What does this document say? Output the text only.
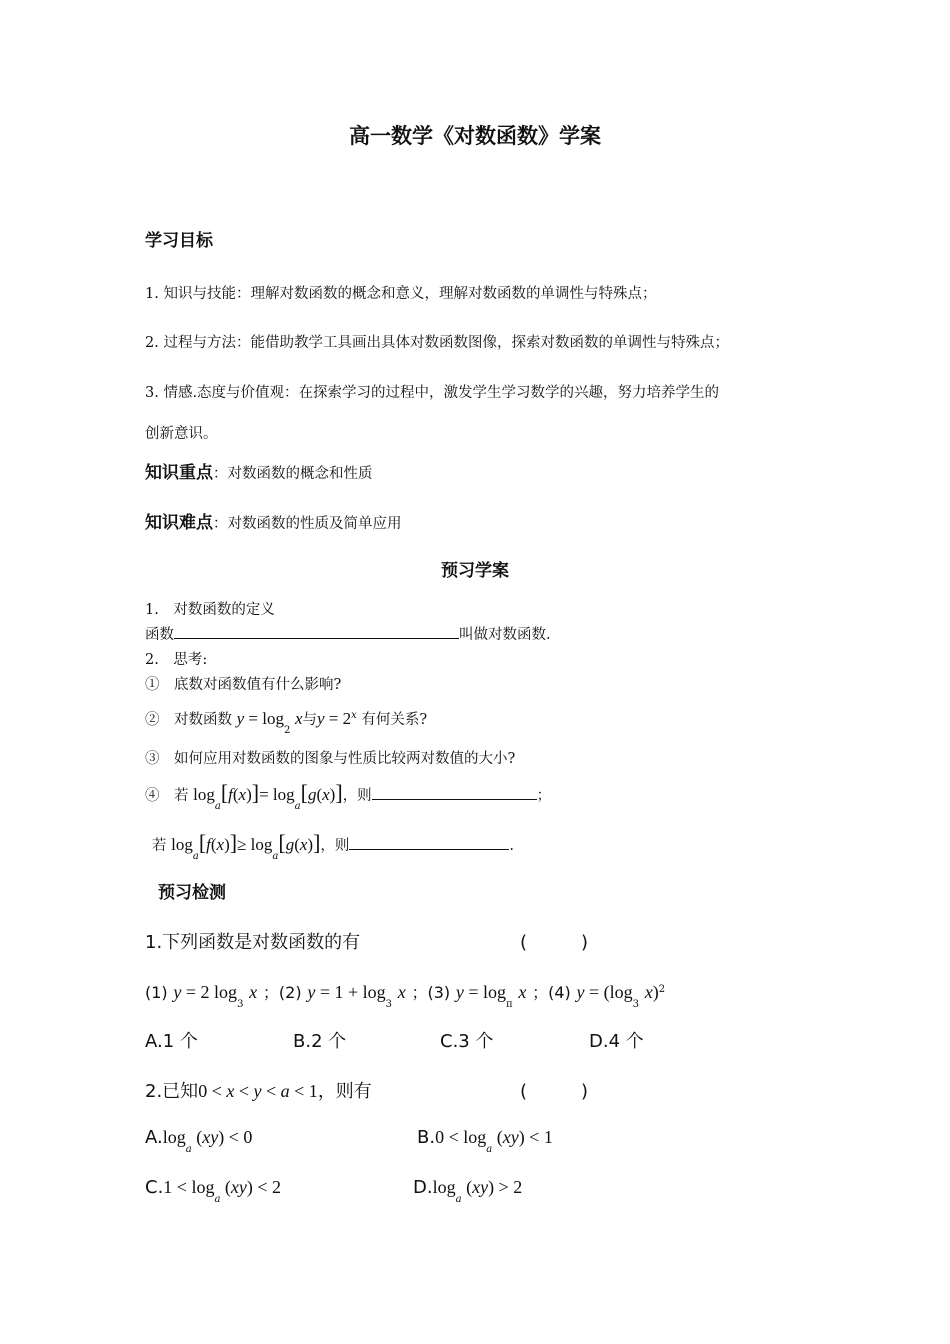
高一数学《对数函数》学案
学习目标
1. 知识与技能：理解对数函数的概念和意义，理解对数函数的单调性与特殊点；
2. 过程与方法：能借助教学工具画出具体对数函数图像，探索对数函数的单调性与特殊点；
3. 情感.态度与价值观：在探索学习的过程中，激发学生学习数学的兴趣，努力培养学生的
创新意识。
知识重点：对数函数的概念和性质
知识难点：对数函数的性质及简单应用
预习学案
1.　对数函数的定义
函数	叫做对数函数.
2.　思考:
①　底数对函数值有什么影响?
②　对数函数 $y = \log_2 x$与$y = 2^x$ 有何关系?
③　如何应用对数函数的图象与性质比较两对数值的大小?
④　若 $\log_a[f(x)]= \log_a[g(x)]$，则	；
若 $\log_a[f(x)]\ge \log_a[g(x)]$，则	.
预习检测
1.下列函数是对数函数的有	(　　　)
(1) y = 2 $\log_3 x$ ；(2) $y = 1 + \log_3 x$ ；(3) $y = \log_\pi x$ ；(4) $y = (\log_3$ x)$^2$
A.1 个	B.2 个	C.3 个	D.4 个
2.已知0 < x < y < a < 1，则有	(　　　)
$A.\log_a$ (xy) < 0	$B.0 < \log_a (xy) < 1$
$C.1 < \log_a (xy) < 2$	$D.\log_a$ (xy) > 2
